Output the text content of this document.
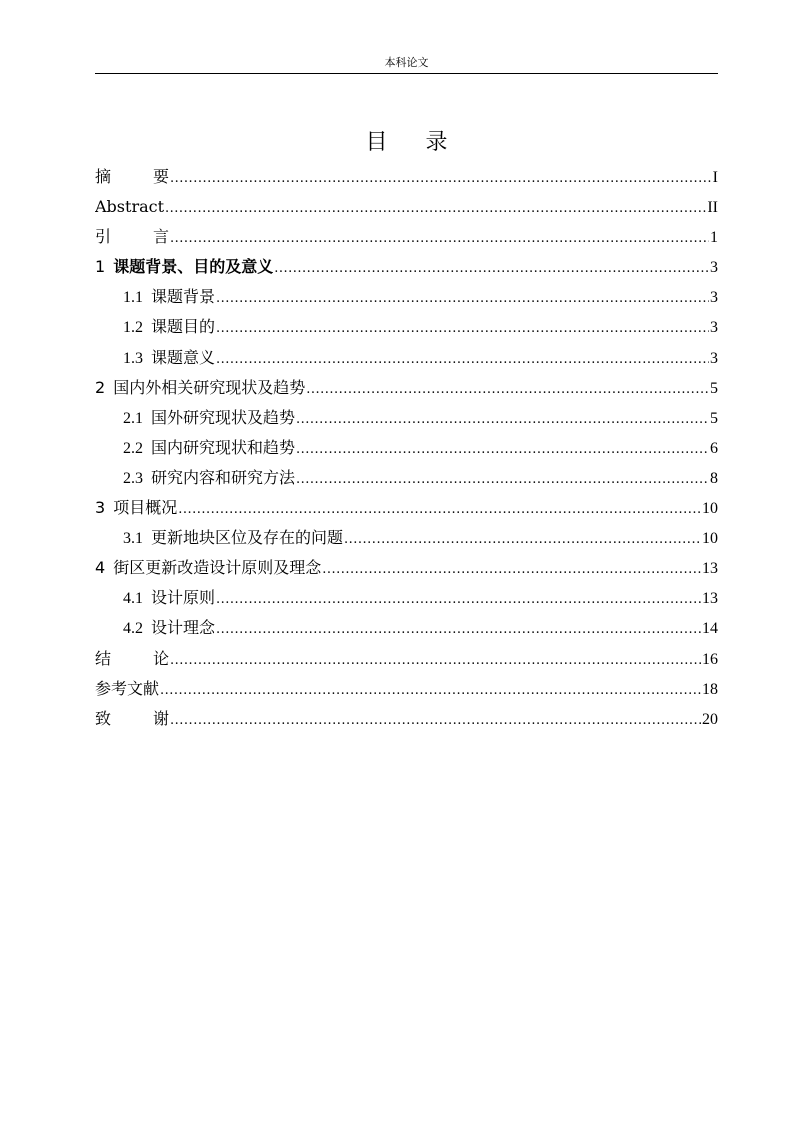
本科论文
目 录
摘	要 .....	I
Abstract .....	II
引	言 .....	1
1 课题背景、目的及意义 .....	3
1.1 课题背景 .....	3
1.2 课题目的 .....	3
1.3 课题意义 .....	3
2 国内外相关研究现状及趋势 .....	5
2.1 国外研究现状及趋势 .....	5
2.2 国内研究现状和趋势 .....	6
2.3 研究内容和研究方法 .....	8
3 项目概况 .....	10
3.1 更新地块区位及存在的问题 .....	10
4 街区更新改造设计原则及理念 .....	13
4.1 设计原则 .....	13
4.2 设计理念 .....	14
结	论 .....	16
参考文献 .....	18
致	谢 .....	20
